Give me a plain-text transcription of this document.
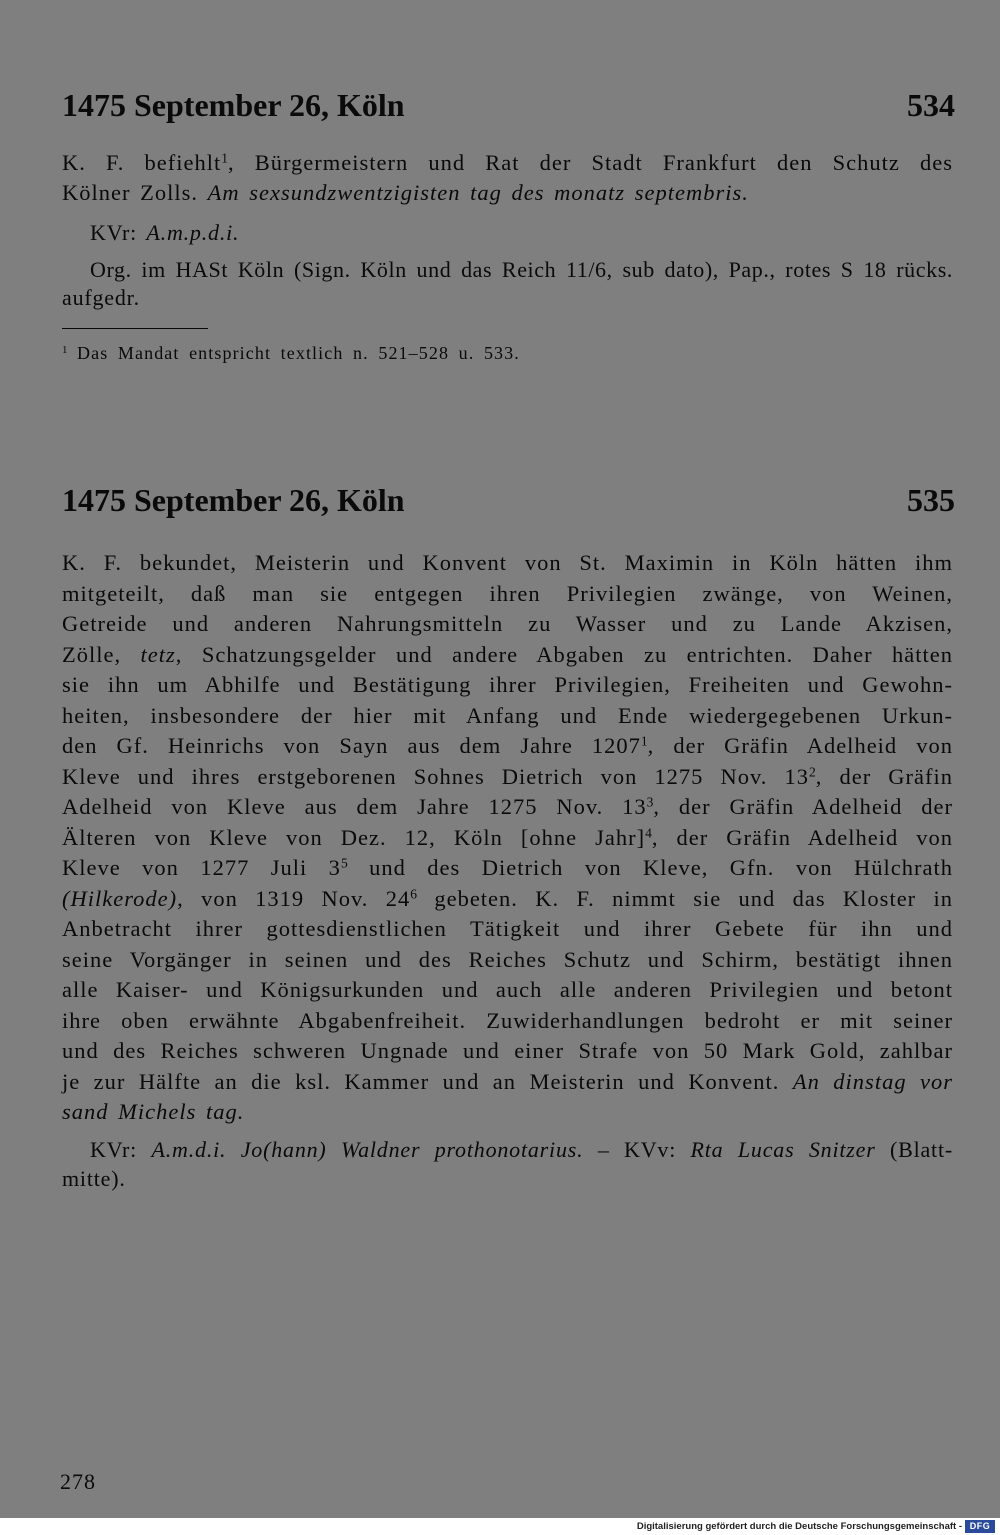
1475 September 26, Köln	534
K. F. befiehlt$^1$, Bürgermeistern und Rat der Stadt Frankfurt den Schutz des
Kölner Zolls. Am sexsundzwentzigisten tag des monatz septembris.
KVr: A.m.p.d.i.
Org. im HASt Köln (Sign. Köln und das Reich 11/6, sub dato), Pap., rotes S 18 rücks.
aufgedr.
$^1$ Das Mandat entspricht textlich n. 521–528 u. 533.
1475 September 26, Köln	535
K. F. bekundet, Meisterin und Konvent von St. Maximin in Köln hätten ihm
mitgeteilt, daß man sie entgegen ihren Privilegien zwänge, von Weinen,
Getreide und anderen Nahrungsmitteln zu Wasser und zu Lande Akzisen,
Zölle, tetz, Schatzungsgelder und andere Abgaben zu entrichten. Daher hätten
sie ihn um Abhilfe und Bestätigung ihrer Privilegien, Freiheiten und Gewohn-
heiten, insbesondere der hier mit Anfang und Ende wiedergegebenen Urkun-
den Gf. Heinrichs von Sayn aus dem Jahre 1207$^1$, der Gräfin Adelheid von
Kleve und ihres erstgeborenen Sohnes Dietrich von 1275 Nov. $13^2$, der Gräfin
Adelheid von Kleve aus dem Jahre 1275 Nov. $13^3$, der Gräfin Adelheid der
Älteren von Kleve von Dez. 12, Köln [ohne Jahr]$^4$, der Gräfin Adelheid von
Kleve von 1277 Juli $3^5$ und des Dietrich von Kleve, Gfn. von Hülchrath
(Hilkerode), von 1319 Nov. $24^6$ gebeten. K. F. nimmt sie und das Kloster in
Anbetracht ihrer gottesdienstlichen Tätigkeit und ihrer Gebete für ihn und
seine Vorgänger in seinen und des Reiches Schutz und Schirm, bestätigt ihnen
alle Kaiser- und Königsurkunden und auch alle anderen Privilegien und betont
ihre oben erwähnte Abgabenfreiheit. Zuwiderhandlungen bedroht er mit seiner
und des Reiches schweren Ungnade und einer Strafe von 50 Mark Gold, zahlbar
je zur Hälfte an die ksl. Kammer und an Meisterin und Konvent. An dinstag vor
sand Michels tag.
KVr: A.m.d.i. Jo(hann) Waldner prothonotarius. – KVv: Rta Lucas Snitzer (Blatt-
mitte).
278
Digitalisierung gefördert durch die Deutsche Forschungsgemeinschaft - DFG
